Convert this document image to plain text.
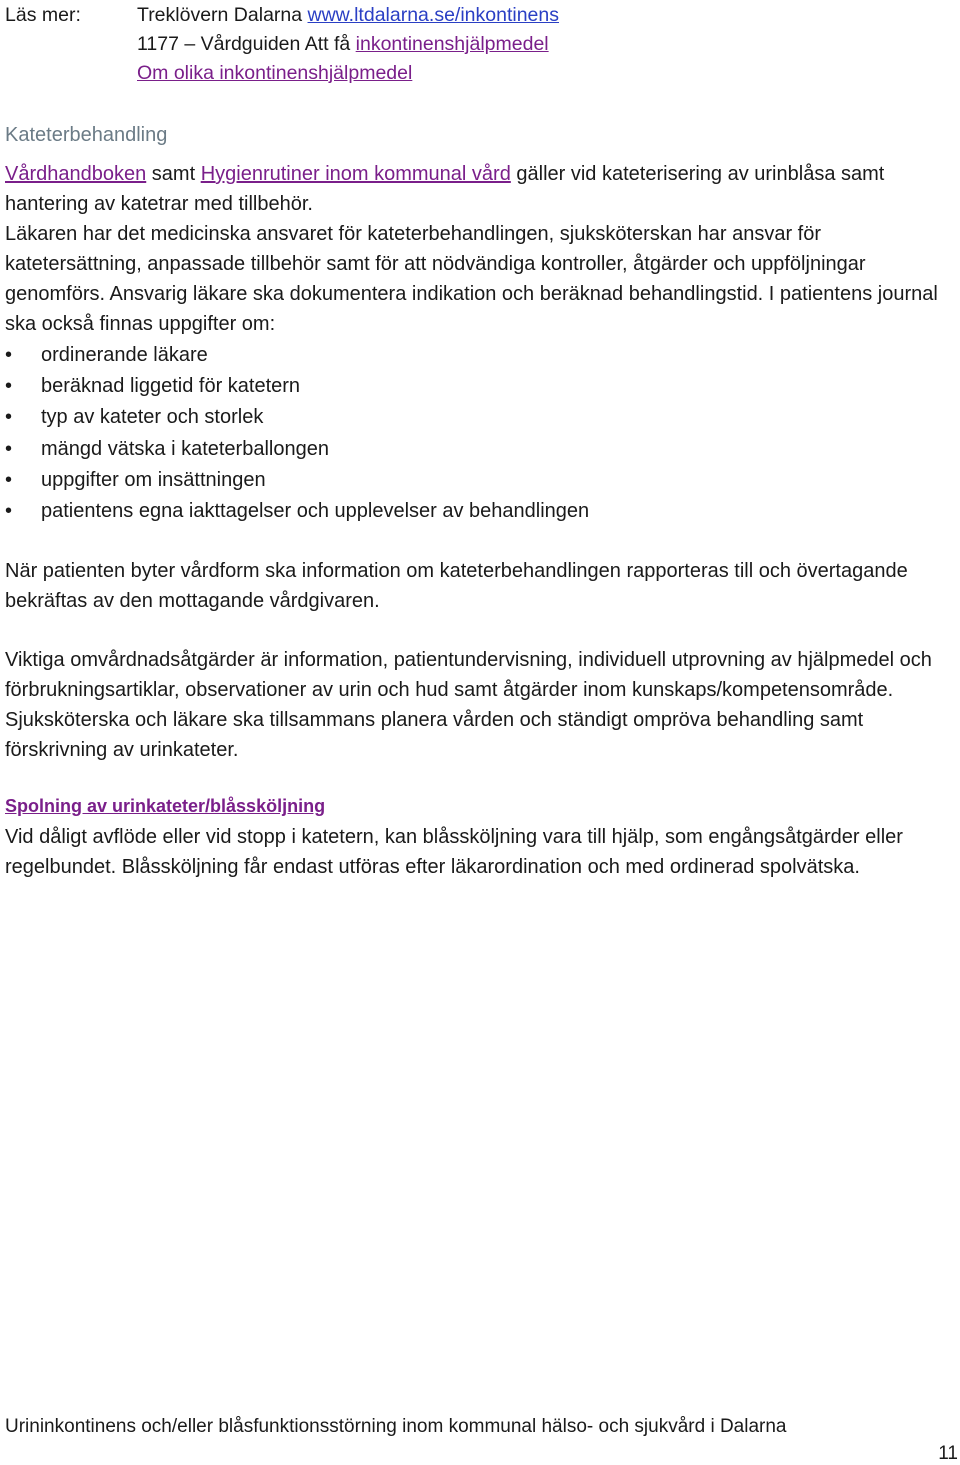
Läs mer:	Treklövern Dalarna www.ltdalarna.se/inkontinens
1177 – Vårdguiden Att få inkontinenshjälpmedel
Om olika inkontinenshjälpmedel
Kateterbehandling
Vårdhandboken samt Hygienrutiner inom kommunal vård gäller vid kateterisering av urinblåsa samt hantering av katetrar med tillbehör.
Läkaren har det medicinska ansvaret för kateterbehandlingen, sjuksköterskan har ansvar för katetersättning, anpassade tillbehör samt för att nödvändiga kontroller, åtgärder och uppföljningar genomförs. Ansvarig läkare ska dokumentera indikation och beräknad behandlingstid. I patientens journal ska också finnas uppgifter om:
• ordinerande läkare
• beräknad liggetid för katetern
• typ av kateter och storlek
• mängd vätska i kateterballongen
• uppgifter om insättningen
• patientens egna iakttagelser och upplevelser av behandlingen
När patienten byter vårdform ska information om kateterbehandlingen rapporteras till och övertagande bekräftas av den mottagande vårdgivaren.
Viktiga omvårdnadsåtgärder är information, patientundervisning, individuell utprovning av hjälpmedel och förbrukningsartiklar, observationer av urin och hud samt åtgärder inom kunskaps/kompetensområde. Sjuksköterska och läkare ska tillsammans planera vården och ständigt ompröva behandling samt förskrivning av urinkateter.
Spolning av urinkateter/blåssköljning
Vid dåligt avflöde eller vid stopp i katetern, kan blåssköljning vara till hjälp, som engångsåtgärder eller regelbundet. Blåssköljning får endast utföras efter läkarordination och med ordinerad spolvätska.
Urininkontinens och/eller blåsfunktionsstörning inom kommunal hälso- och sjukvård i Dalarna
11
